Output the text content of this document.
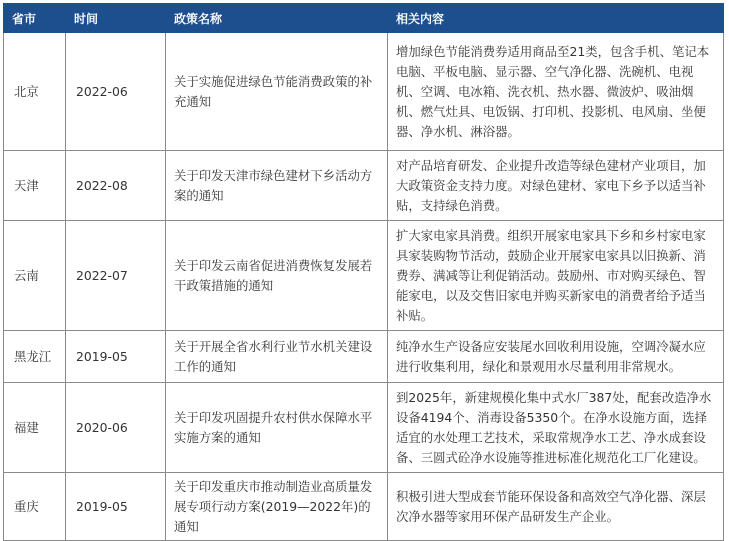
省市	时间	政策名称	相关内容
北京	2022-06	关于实施促进绿色节能消费政策的补充通知	增加绿色节能消费券适用商品至21类，包含手机、笔记本电脑、平板电脑、显示器、空气净化器、洗碗机、电视机、空调、电冰箱、洗衣机、热水器、微波炉、吸油烟机、燃气灶具、电饭锅、打印机、投影机、电风扇、坐便器、净水机、淋浴器。
天津	2022-08	关于印发天津市绿色建材下乡活动方案的通知	对产品培育研发、企业提升改造等绿色建材产业项目，加大政策资金支持力度。对绿色建材、家电下乡予以适当补贴，支持绿色消费。
云南	2022-07	关于印发云南省促进消费恢复发展若干政策措施的通知	扩大家电家具消费。组织开展家电家具下乡和乡村家电家具家装购物节活动，鼓励企业开展家电家具以旧换新、消费券、满减等让利促销活动。鼓励州、市对购买绿色、智能家电，以及交售旧家电并购买新家电的消费者给予适当补贴。
黑龙江	2019-05	关于开展全省水利行业节水机关建设工作的通知	纯净水生产设备应安装尾水回收利用设施，空调冷凝水应进行收集利用，绿化和景观用水尽量利用非常规水。
福建	2020-06	关于印发巩固提升农村供水保障水平实施方案的通知	到2025年，新建规模化集中式水厂387处，配套改造净水设备4194个、消毒设备5350个。在净水设施方面，选择适宜的水处理工艺技术，采取常规净水工艺、净水成套设备、三圆式砼净水设施等推进标准化规范化工厂化建设。
重庆	2019-05	关于印发重庆市推动制造业高质量发展专项行动方案(2019—2022年)的通知	积极引进大型成套节能环保设备和高效空气净化器、深层次净水器等家用环保产品研发生产企业。
